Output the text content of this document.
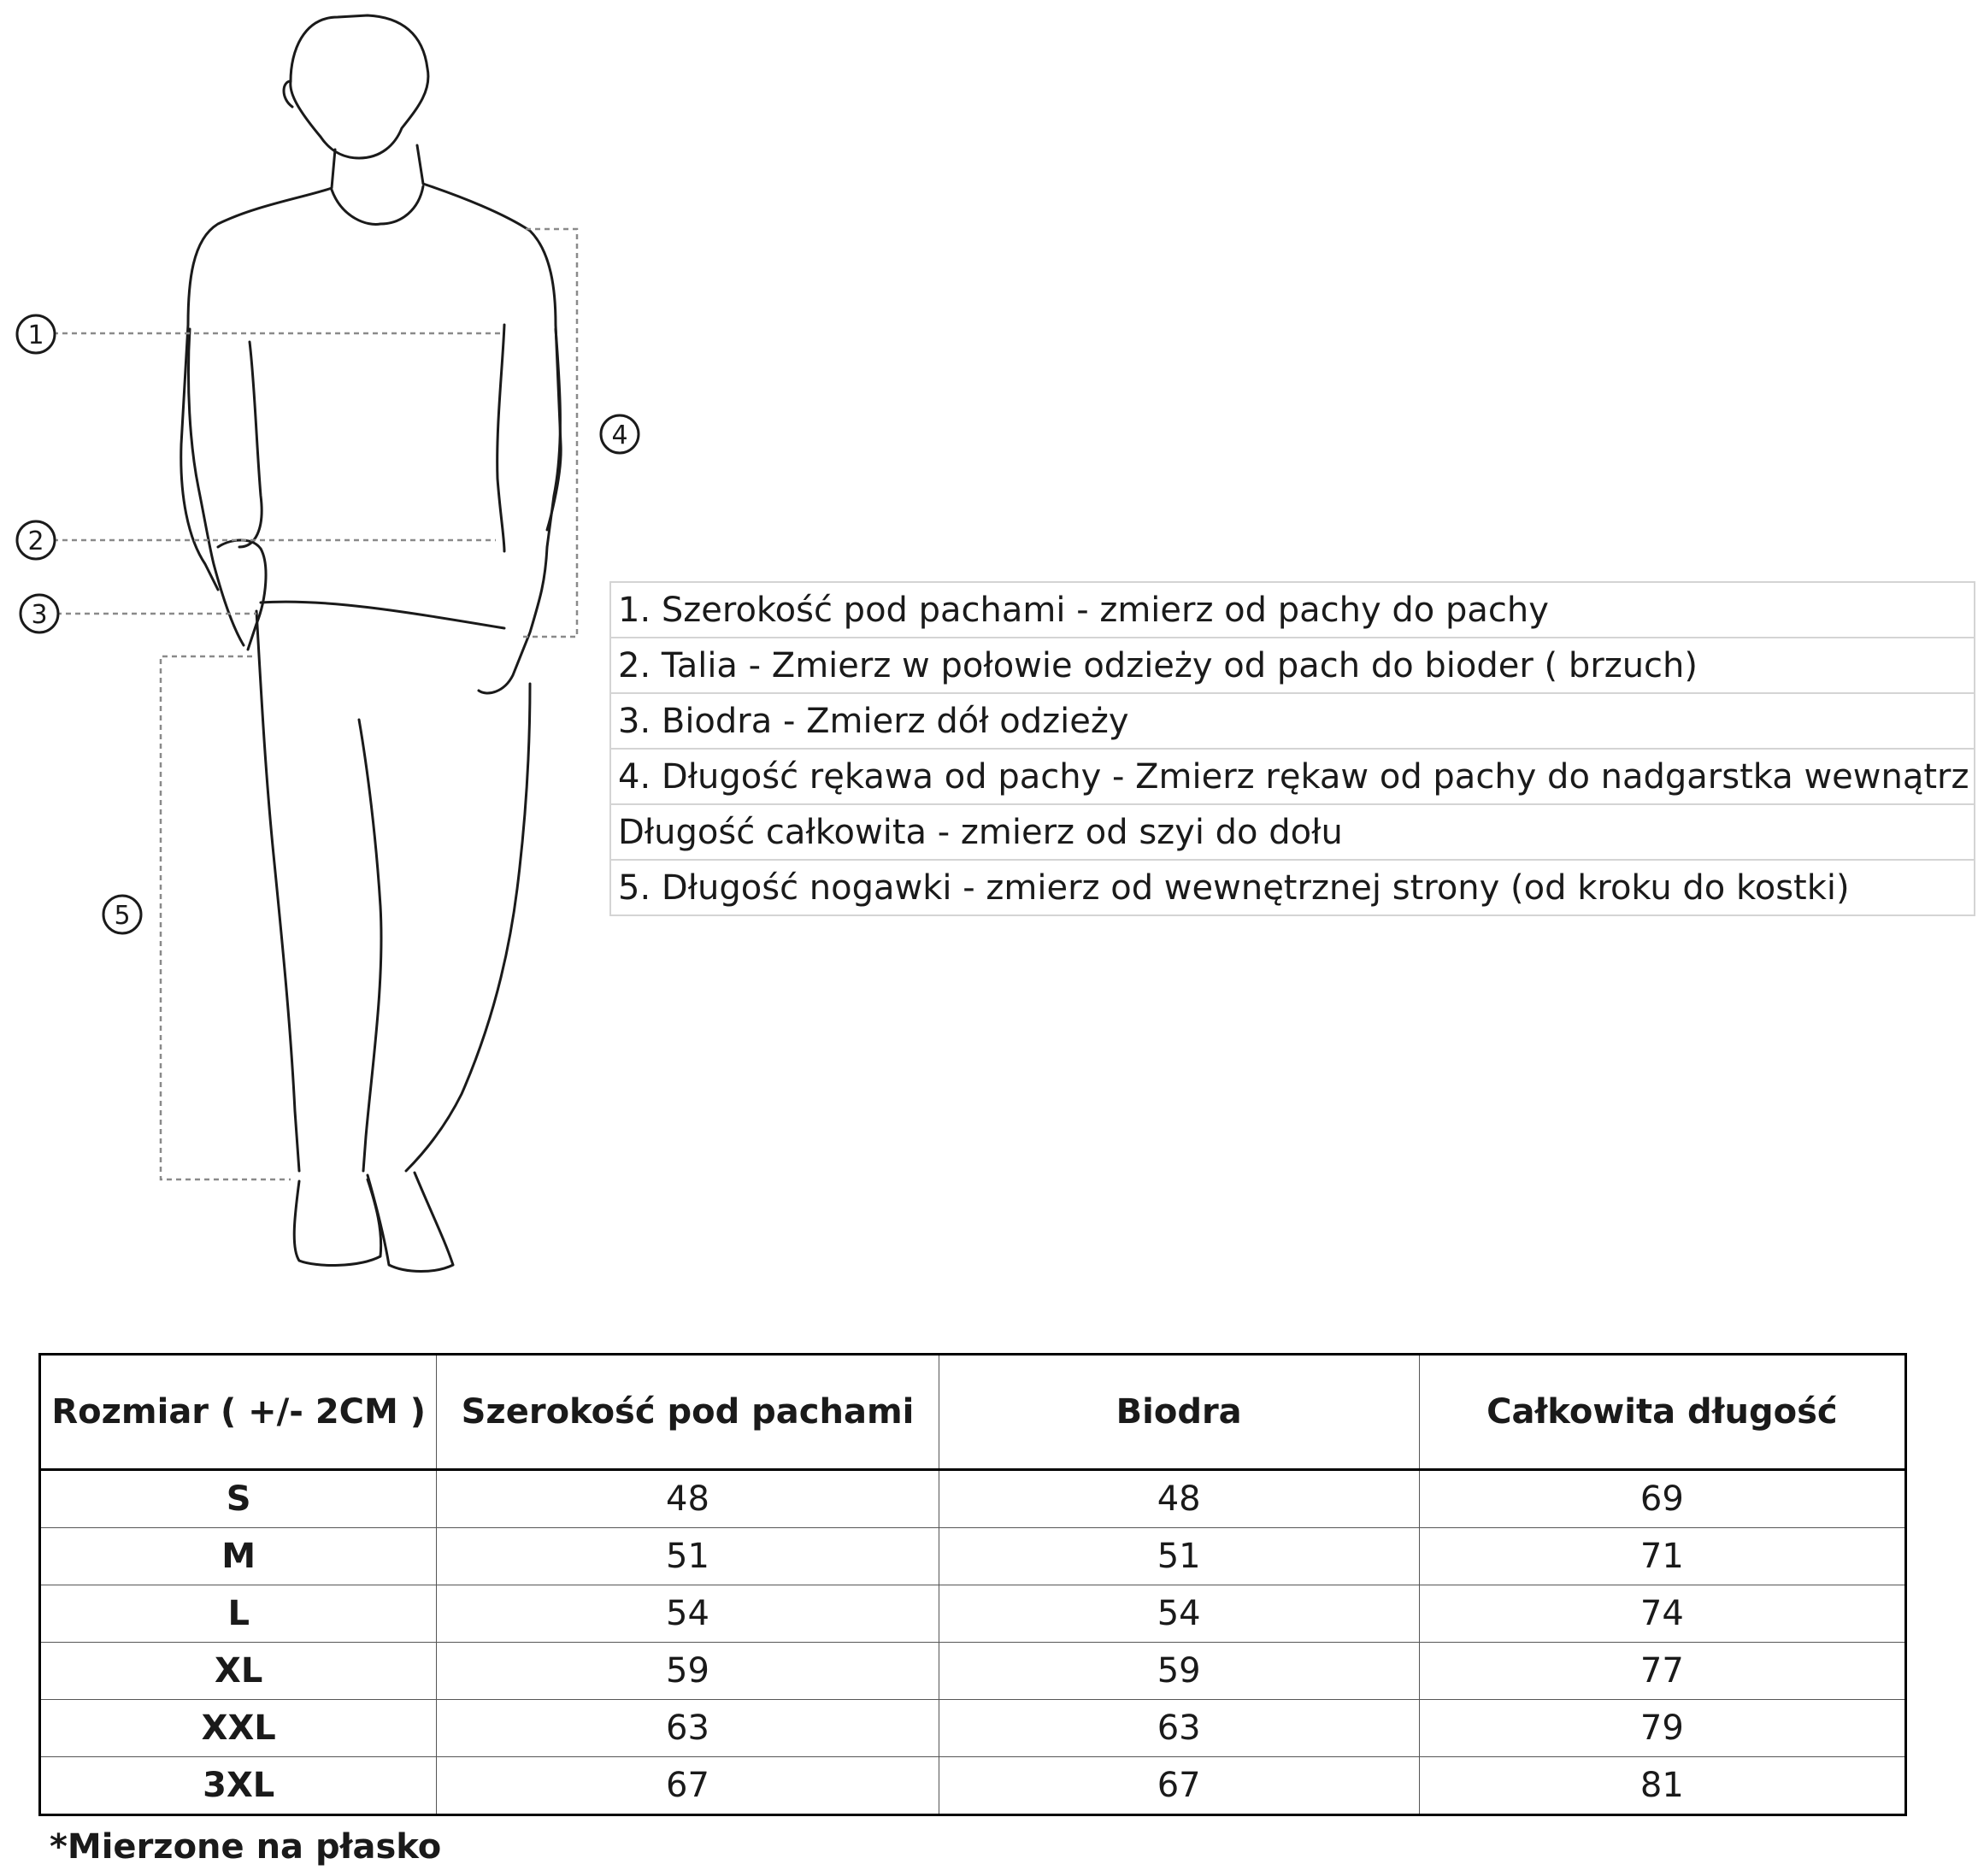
1
2
3
4
5
1. Szerokość pod pachami - zmierz od pachy do pachy
2. Talia - Zmierz w połowie odzieży od pach do bioder ( brzuch)
3. Biodra - Zmierz dół odzieży
4. Długość rękawa od pachy - Zmierz rękaw od pachy do nadgarstka wewnątrz
Długość całkowita - zmierz od szyi do dołu
5. Długość nogawki - zmierz od wewnętrznej strony (od kroku do kostki)
Rozmiar ( +/- 2CM )	Szerokość pod pachami	Biodra	Całkowita długość
S	48	48	69
M	51	51	71
L	54	54	74
XL	59	59	77
XXL	63	63	79
3XL	67	67	81
*Mierzone na płasko
